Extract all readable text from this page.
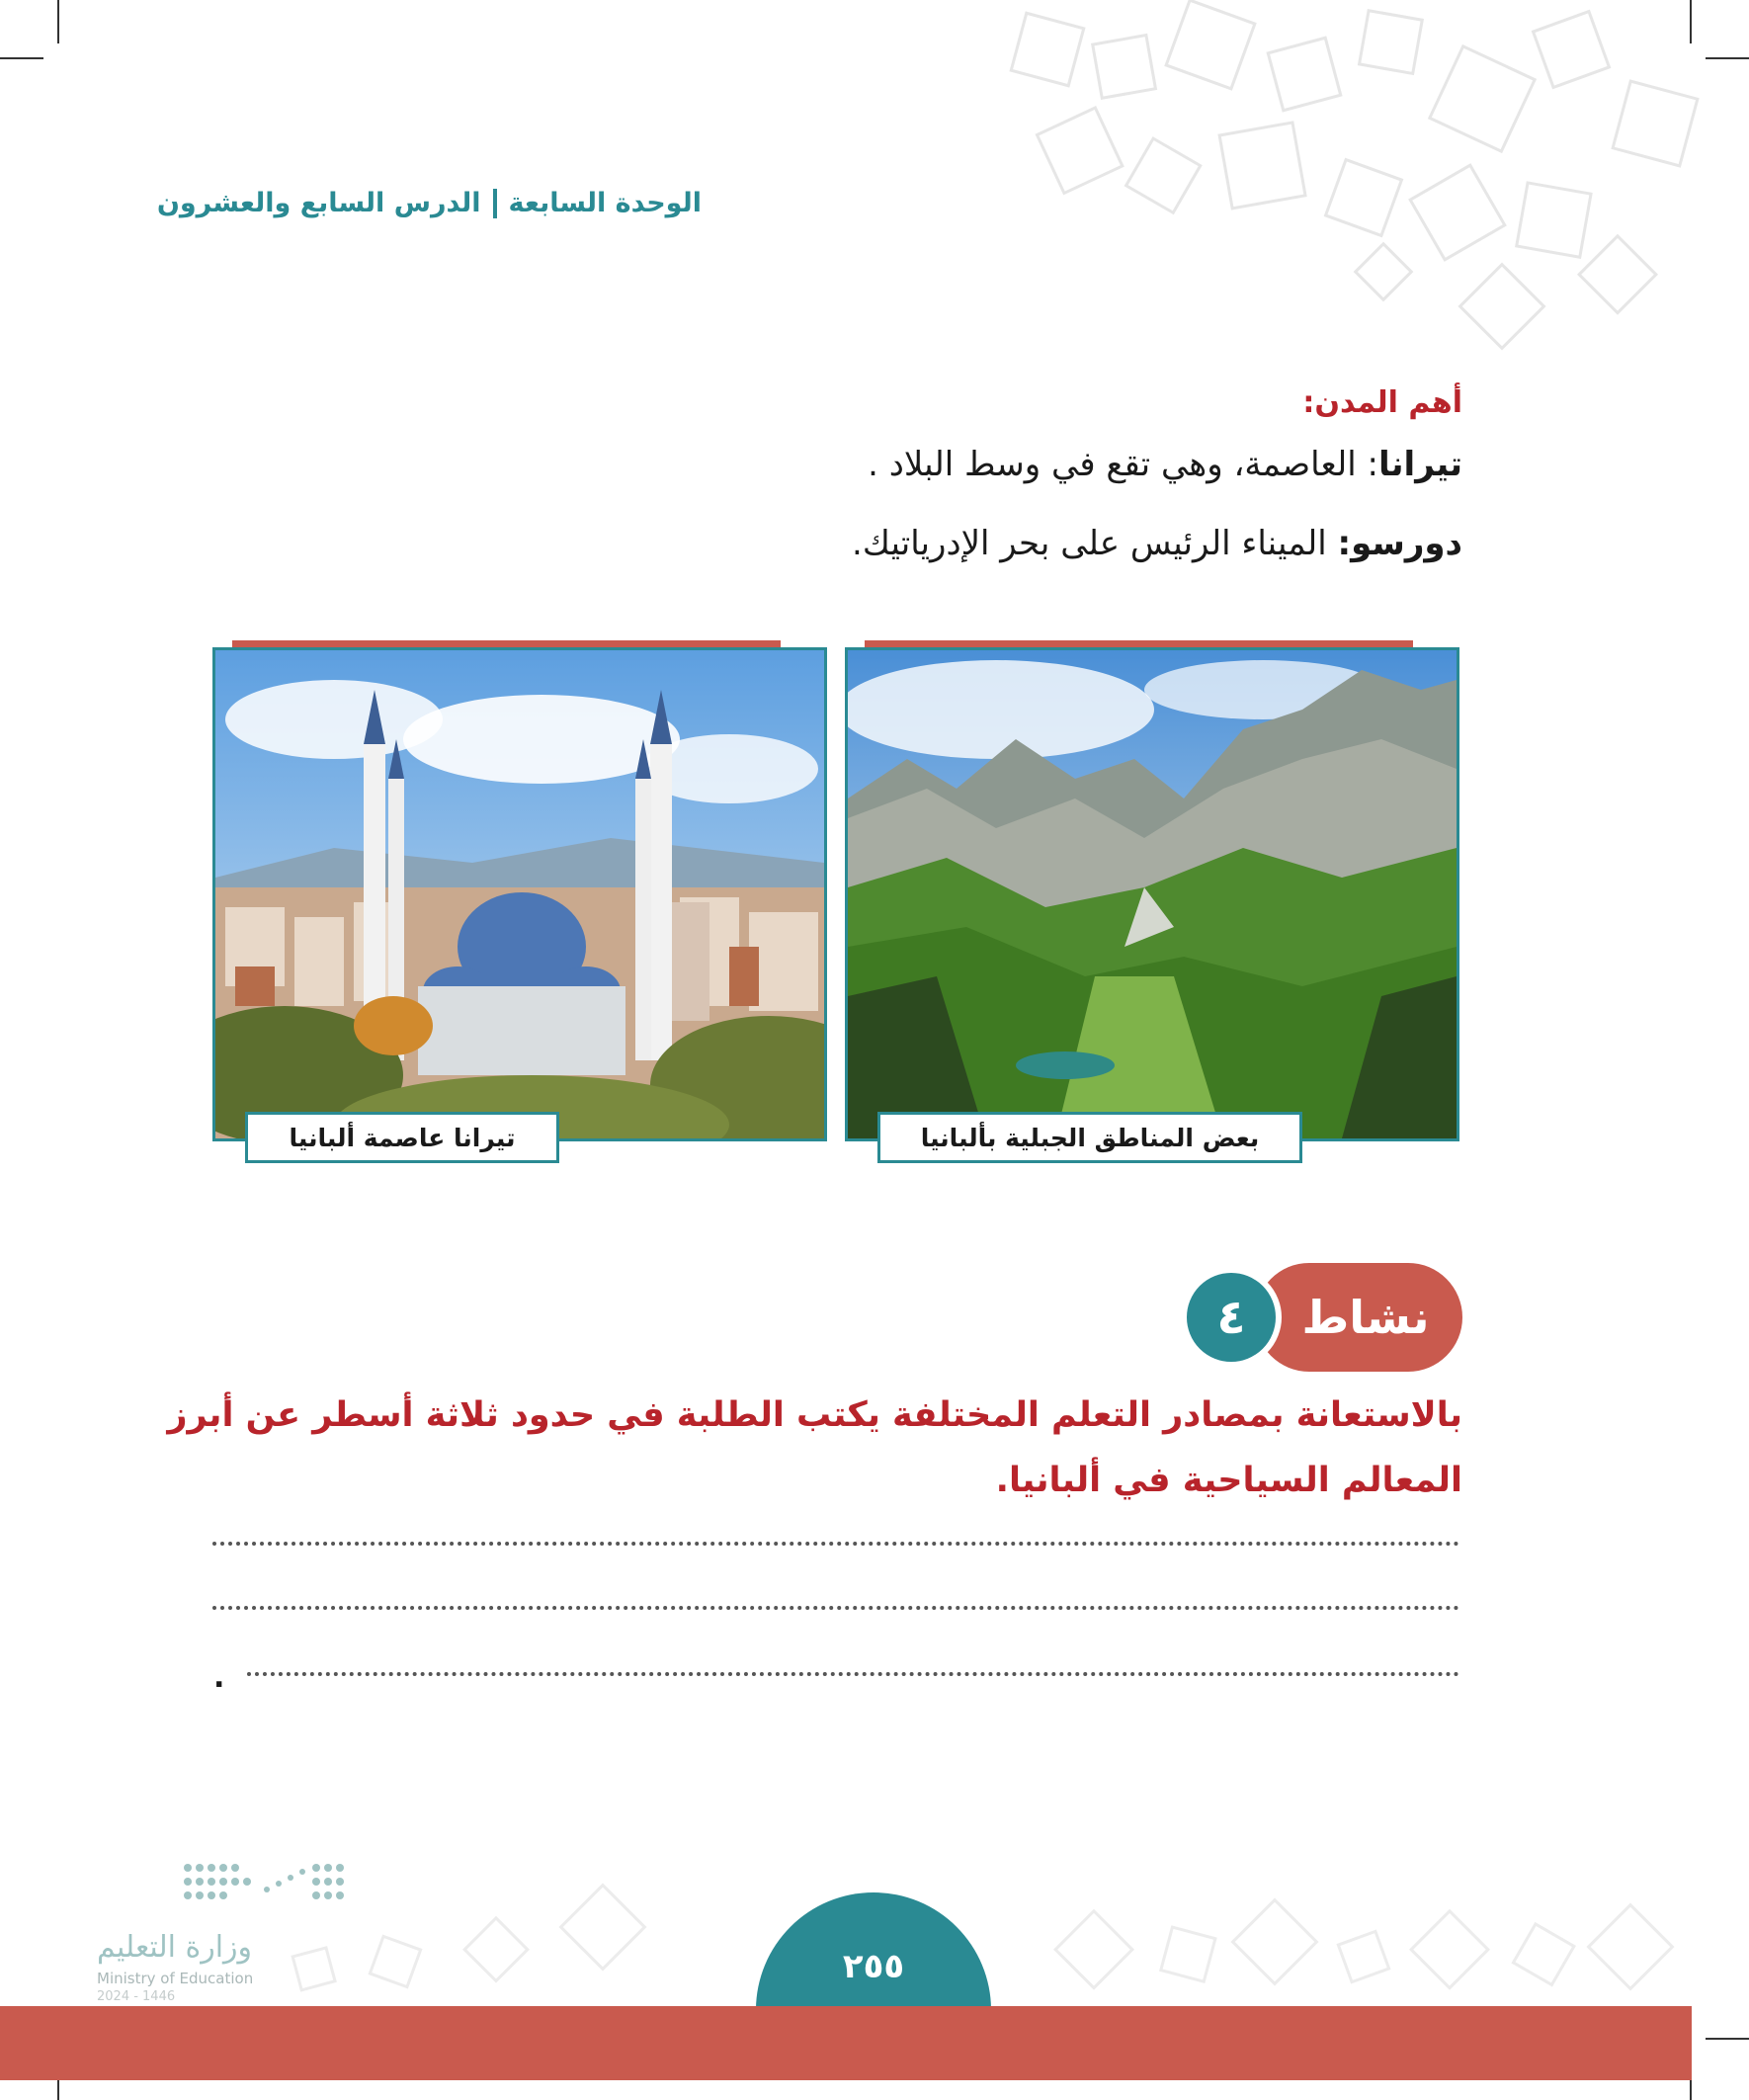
الوحدة السابعة
الدرس السابع والعشرون
أهم المدن:
تيرانا: العاصمة، وهي تقع في وسط البلاد .
دورسو: الميناء الرئيس على بحر الإدرياتيك.
تيرانا عاصمة ألبانيا	بعض المناطق الجبلية بألبانيا
نشاط
٤
بالاستعانة بمصادر التعلم المختلفة يكتب الطلبة في حدود ثلاثة أسطر عن أبرز
المعالم السياحية في ألبانيا.
.
وزارة التعليم
Ministry of Education
2024 - 1446
٢٥٥
